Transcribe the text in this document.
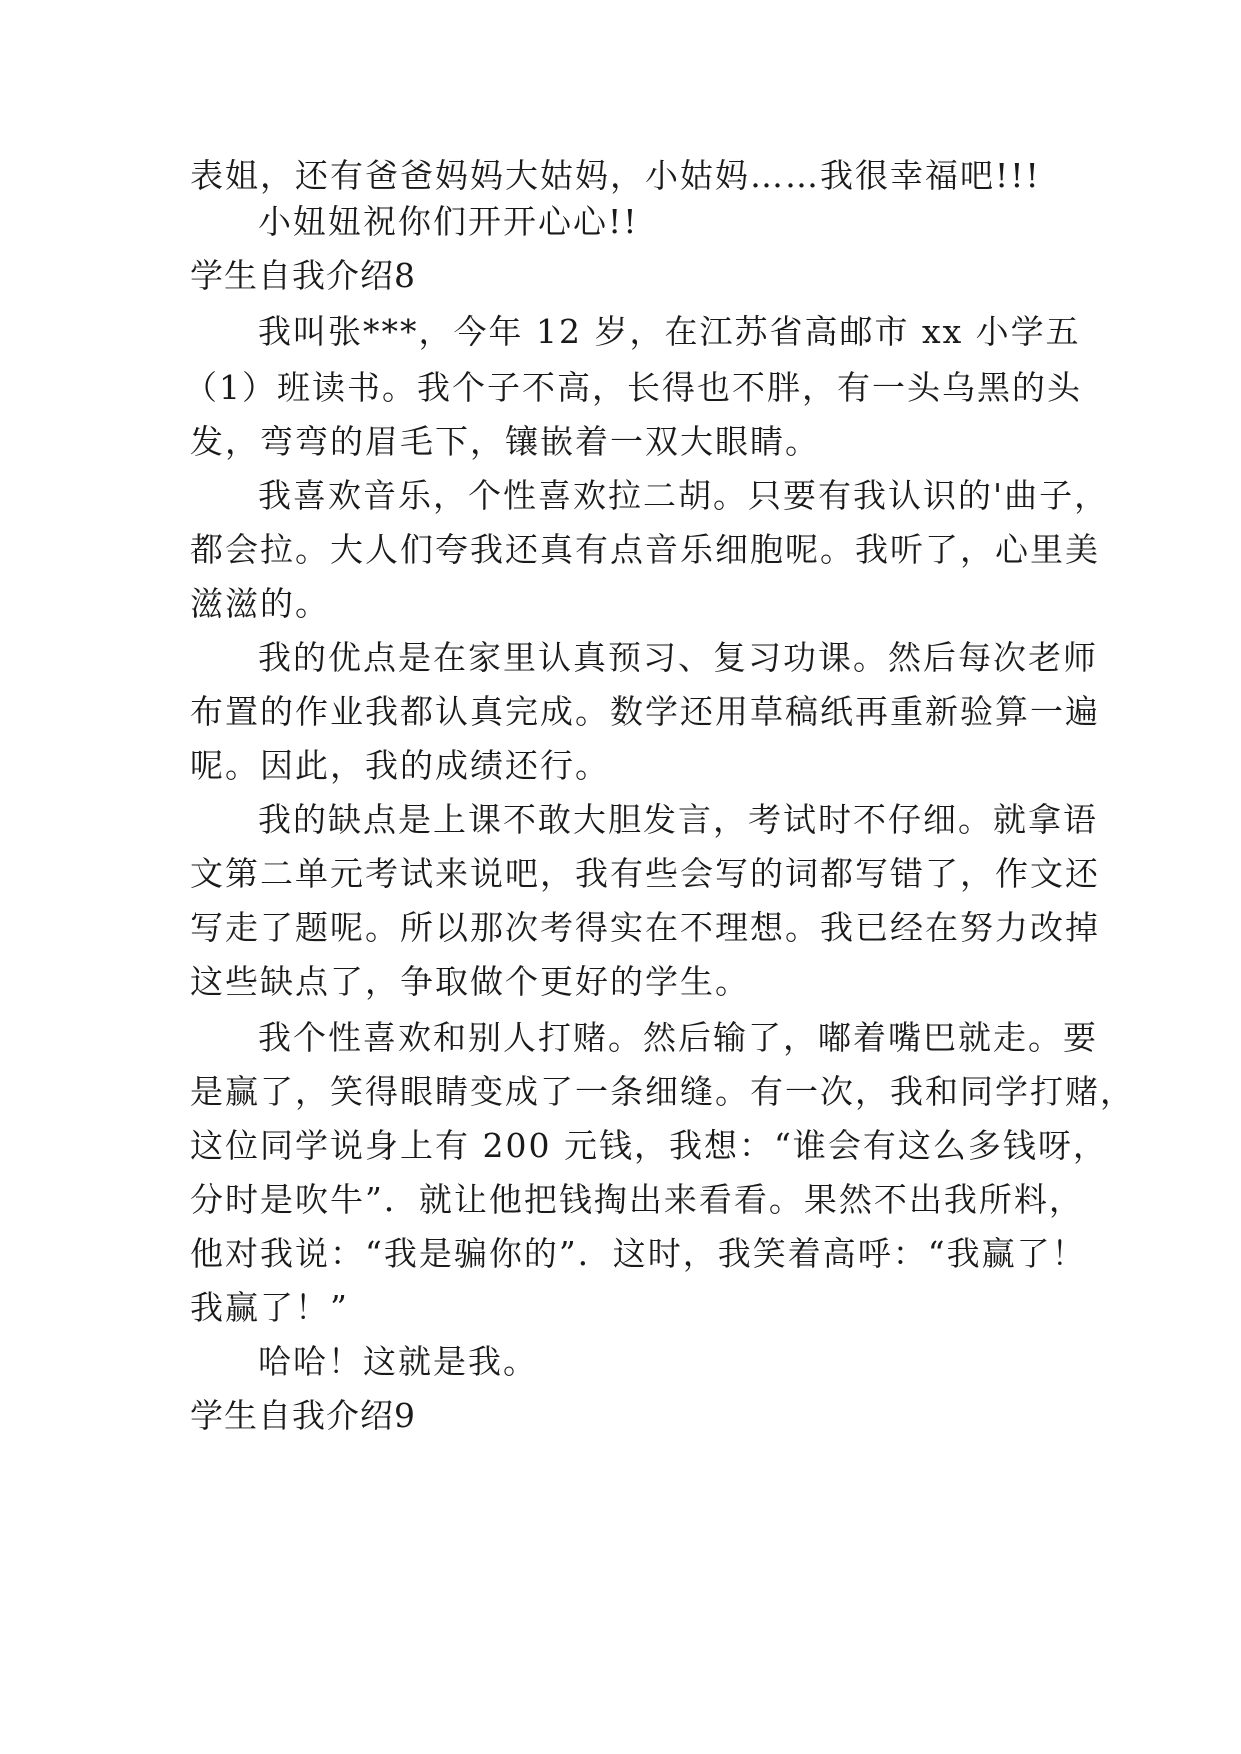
表姐，还有爸爸妈妈大姑妈，小姑妈……我很幸福吧!!!
小妞妞祝你们开开心心!!
学生自我介绍8
我叫张***，今年 12 岁，在江苏省高邮市 xx 小学五
（1）班读书。我个子不高，长得也不胖，有一头乌黑的头
发，弯弯的眉毛下，镶嵌着一双大眼睛。
我喜欢音乐，个性喜欢拉二胡。只要有我认识的'曲子，
都会拉。大人们夸我还真有点音乐细胞呢。我听了，心里美
滋滋的。
我的优点是在家里认真预习、复习功课。然后每次老师
布置的作业我都认真完成。数学还用草稿纸再重新验算一遍
呢。因此，我的成绩还行。
我的缺点是上课不敢大胆发言，考试时不仔细。就拿语
文第二单元考试来说吧，我有些会写的词都写错了，作文还
写走了题呢。所以那次考得实在不理想。我已经在努力改掉
这些缺点了，争取做个更好的学生。
我个性喜欢和别人打赌。然后输了，嘟着嘴巴就走。要
是赢了，笑得眼睛变成了一条细缝。有一次，我和同学打赌，
这位同学说身上有 200 元钱，我想：“谁会有这么多钱呀，
分时是吹牛”．就让他把钱掏出来看看。果然不出我所料，
他对我说：“我是骗你的”．这时，我笑着高呼：“我赢了！
我赢了！”
哈哈！这就是我。
学生自我介绍9
